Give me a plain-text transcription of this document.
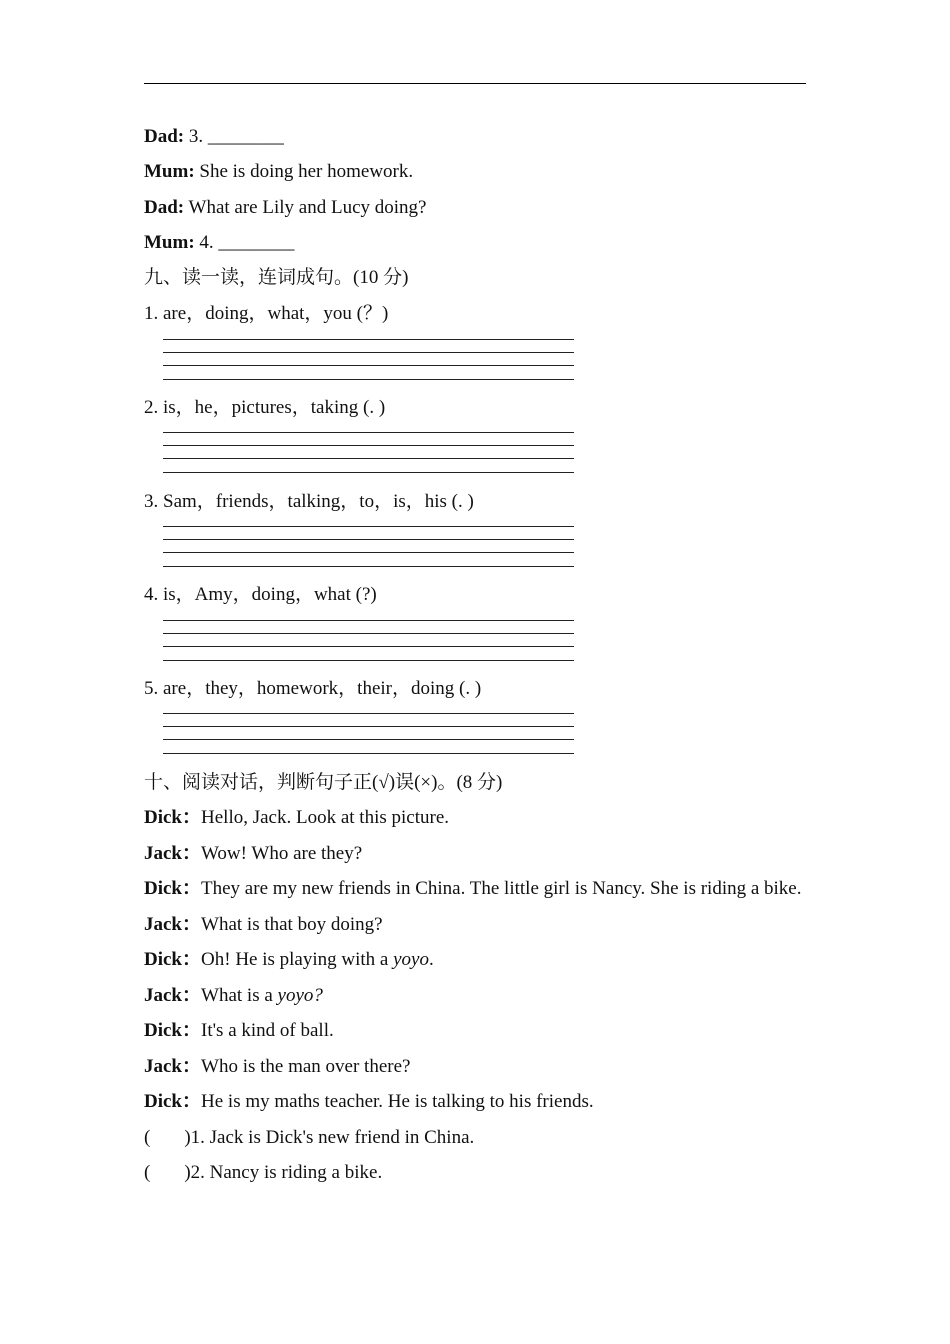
Dad: 3. ________
Mum: She is doing her homework.
Dad: What are Lily and Lucy doing?
Mum: 4. ________
九、读一读，连词成句。(10 分)
1. are，doing，what，you (？)
2. is，he，pictures，taking (. )
3. Sam，friends，talking，to，is，his (. )
4. is，Amy，doing，what (?)
5. are，they，homework，their，doing (. )
十、阅读对话，判断句子正(√)误(×)。(8 分)
Dick：Hello, Jack. Look at this picture.
Jack：Wow! Who are they?
Dick：They are my new friends in China. The little girl is Nancy. She is riding a bike.
Jack：What is that boy doing?
Dick：Oh! He is playing with a yoyo.
Jack：What is a yoyo?
Dick：It's a kind of ball.
Jack：Who is the man over there?
Dick：He is my maths teacher. He is talking to his friends.
( )1. Jack is Dick's new friend in China.
( )2. Nancy is riding a bike.
